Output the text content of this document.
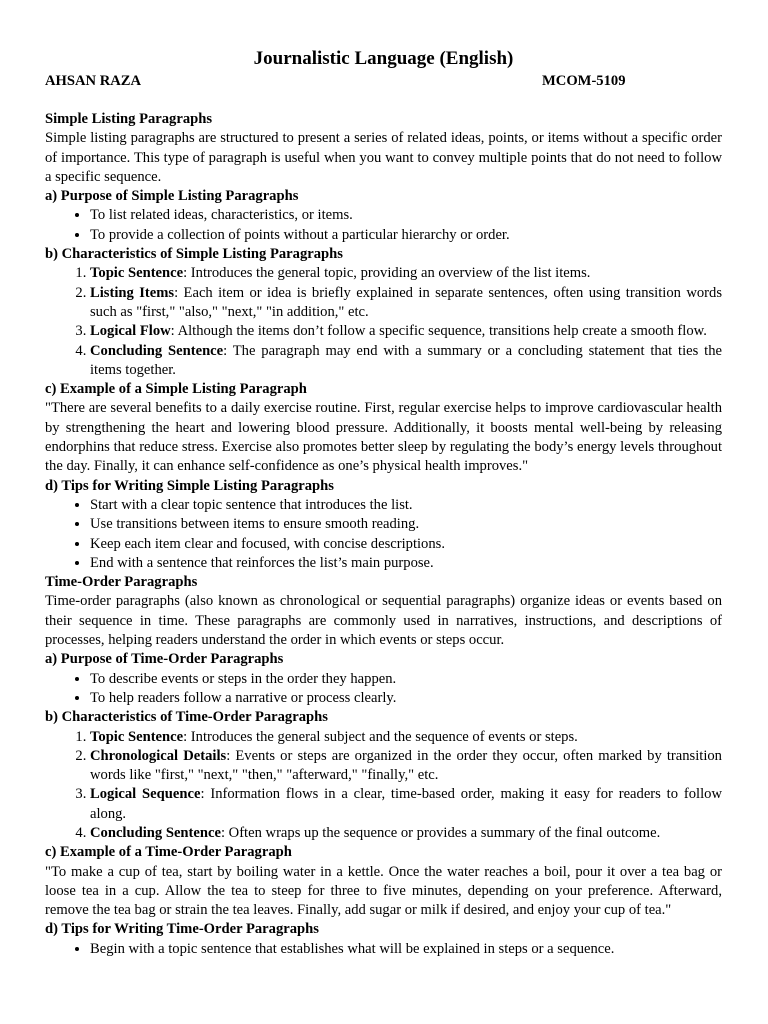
Journalistic Language (English)
AHSAN RAZA	MCOM-5109
Simple Listing Paragraphs

Simple listing paragraphs are structured to present a series of related ideas, points, or items without a specific order of importance. This type of paragraph is useful when you want to convey multiple points that do not need to follow a specific sequence.

a) Purpose of Simple Listing Paragraphs
• To list related ideas, characteristics, or items.
• To provide a collection of points without a particular hierarchy or order.
b) Characteristics of Simple Listing Paragraphs
1. Topic Sentence: Introduces the general topic, providing an overview of the list items.
2. Listing Items: Each item or idea is briefly explained in separate sentences, often using transition words such as "first," "also," "next," "in addition," etc.
3. Logical Flow: Although the items don’t follow a specific sequence, transitions help create a smooth flow.
4. Concluding Sentence: The paragraph may end with a summary or a concluding statement that ties the items together.
c) Example of a Simple Listing Paragraph

"There are several benefits to a daily exercise routine. First, regular exercise helps to improve cardiovascular health by strengthening the heart and lowering blood pressure. Additionally, it boosts mental well-being by releasing endorphins that reduce stress. Exercise also promotes better sleep by regulating the body’s energy levels throughout the day. Finally, it can enhance self-confidence as one’s physical health improves."

d) Tips for Writing Simple Listing Paragraphs
• Start with a clear topic sentence that introduces the list.
• Use transitions between items to ensure smooth reading.
• Keep each item clear and focused, with concise descriptions.
• End with a sentence that reinforces the list’s main purpose.
Time-Order Paragraphs

Time-order paragraphs (also known as chronological or sequential paragraphs) organize ideas or events based on their sequence in time. These paragraphs are commonly used in narratives, instructions, and descriptions of processes, helping readers understand the order in which events or steps occur.

a) Purpose of Time-Order Paragraphs
• To describe events or steps in the order they happen.
• To help readers follow a narrative or process clearly.
b) Characteristics of Time-Order Paragraphs
1. Topic Sentence: Introduces the general subject and the sequence of events or steps.
2. Chronological Details: Events or steps are organized in the order they occur, often marked by transition words like "first," "next," "then," "afterward," "finally," etc.
3. Logical Sequence: Information flows in a clear, time-based order, making it easy for readers to follow along.
4. Concluding Sentence: Often wraps up the sequence or provides a summary of the final outcome.
c) Example of a Time-Order Paragraph

"To make a cup of tea, start by boiling water in a kettle. Once the water reaches a boil, pour it over a tea bag or loose tea in a cup. Allow the tea to steep for three to five minutes, depending on your preference. Afterward, remove the tea bag or strain the tea leaves. Finally, add sugar or milk if desired, and enjoy your cup of tea."

d) Tips for Writing Time-Order Paragraphs
• Begin with a topic sentence that establishes what will be explained in steps or a sequence.
